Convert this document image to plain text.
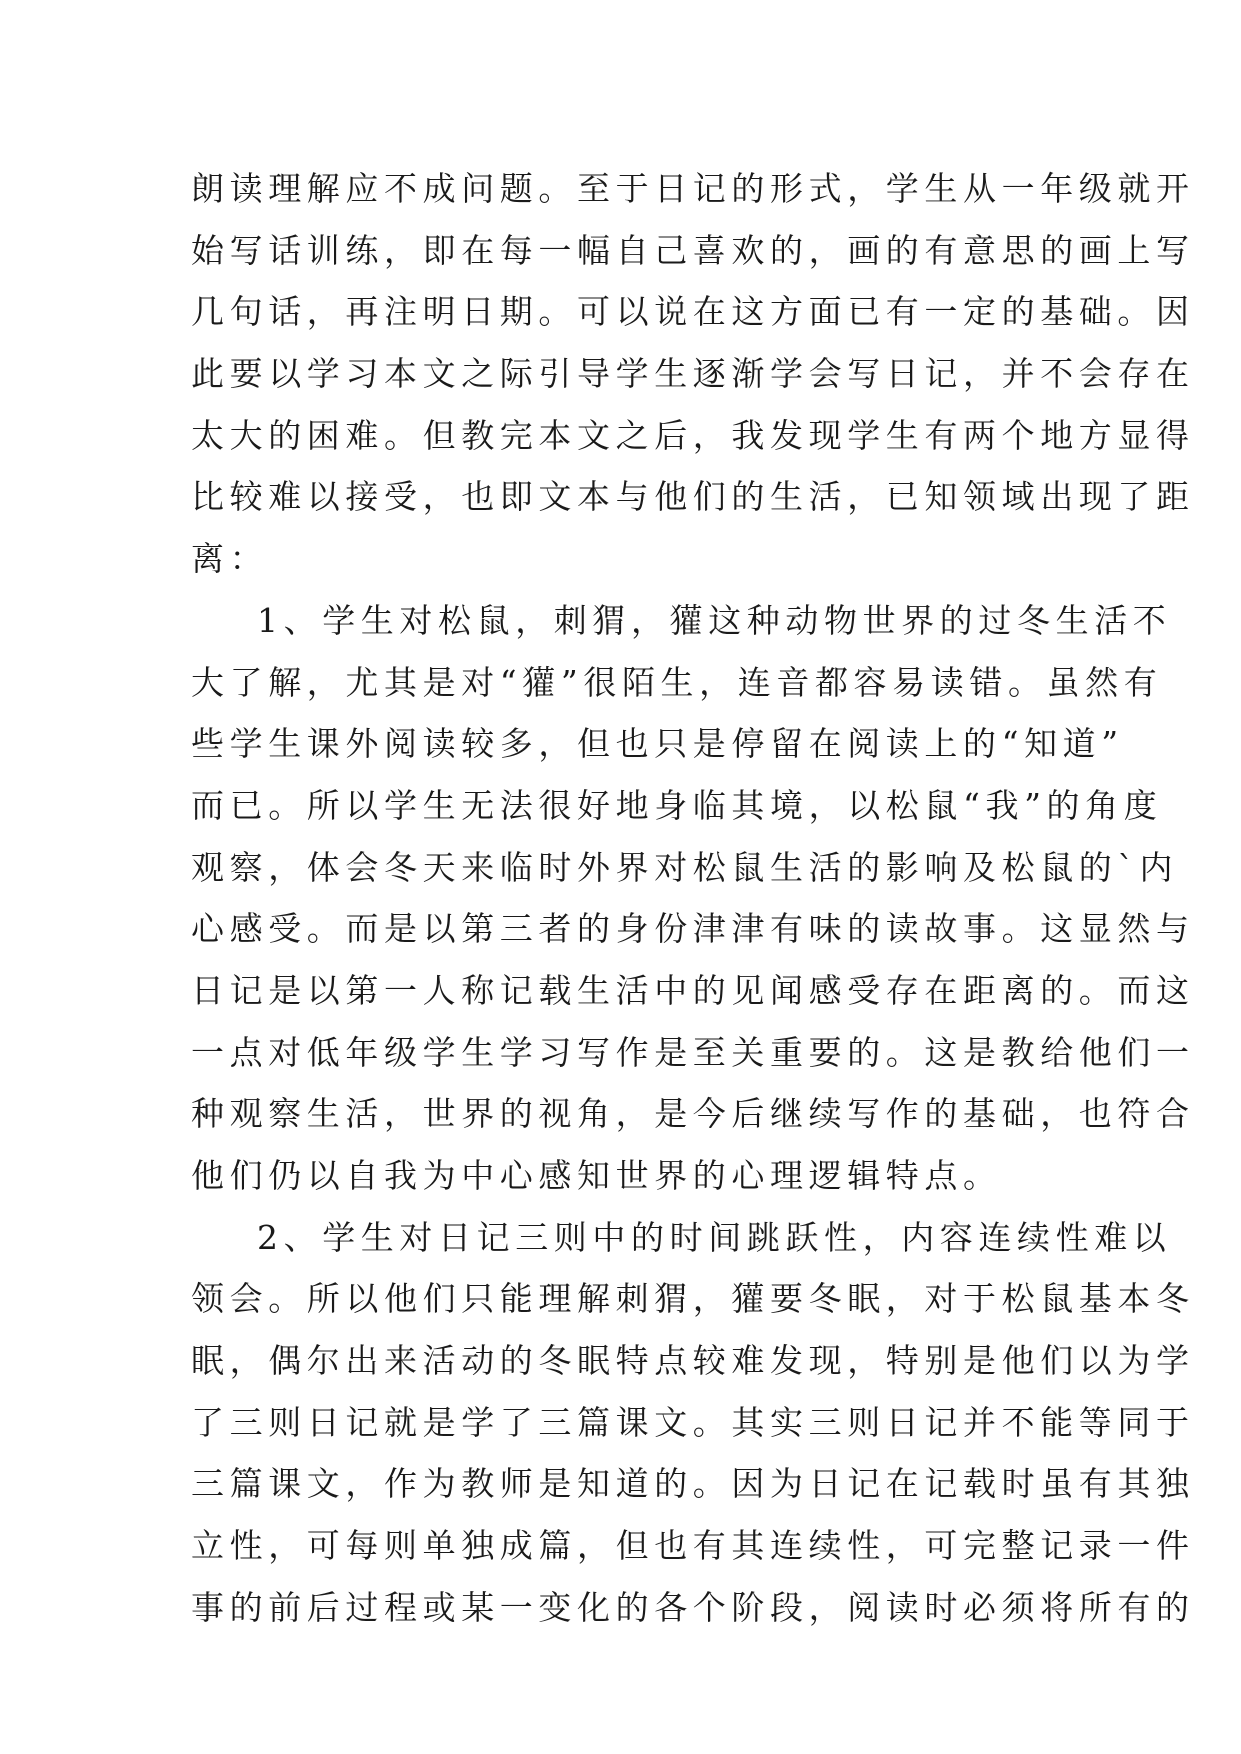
朗读理解应不成问题。至于日记的形式，学生从一年级就开
始写话训练，即在每一幅自己喜欢的，画的有意思的画上写
几句话，再注明日期。可以说在这方面已有一定的基础。因
此要以学习本文之际引导学生逐渐学会写日记，并不会存在
太大的困难。但教完本文之后，我发现学生有两个地方显得
比较难以接受，也即文本与他们的生活，已知领域出现了距
离：
1、学生对松鼠，刺猬，獾这种动物世界的过冬生活不
大了解，尤其是对“獾”很陌生，连音都容易读错。虽然有
些学生课外阅读较多，但也只是停留在阅读上的“知道”
而已。所以学生无法很好地身临其境，以松鼠“我”的角度
观察，体会冬天来临时外界对松鼠生活的影响及松鼠的`内
心感受。而是以第三者的身份津津有味的读故事。这显然与
日记是以第一人称记载生活中的见闻感受存在距离的。而这
一点对低年级学生学习写作是至关重要的。这是教给他们一
种观察生活，世界的视角，是今后继续写作的基础，也符合
他们仍以自我为中心感知世界的心理逻辑特点。
2、学生对日记三则中的时间跳跃性，内容连续性难以
领会。所以他们只能理解刺猬，獾要冬眠，对于松鼠基本冬
眠，偶尔出来活动的冬眠特点较难发现，特别是他们以为学
了三则日记就是学了三篇课文。其实三则日记并不能等同于
三篇课文，作为教师是知道的。因为日记在记载时虽有其独
立性，可每则单独成篇，但也有其连续性，可完整记录一件
事的前后过程或某一变化的各个阶段，阅读时必须将所有的
